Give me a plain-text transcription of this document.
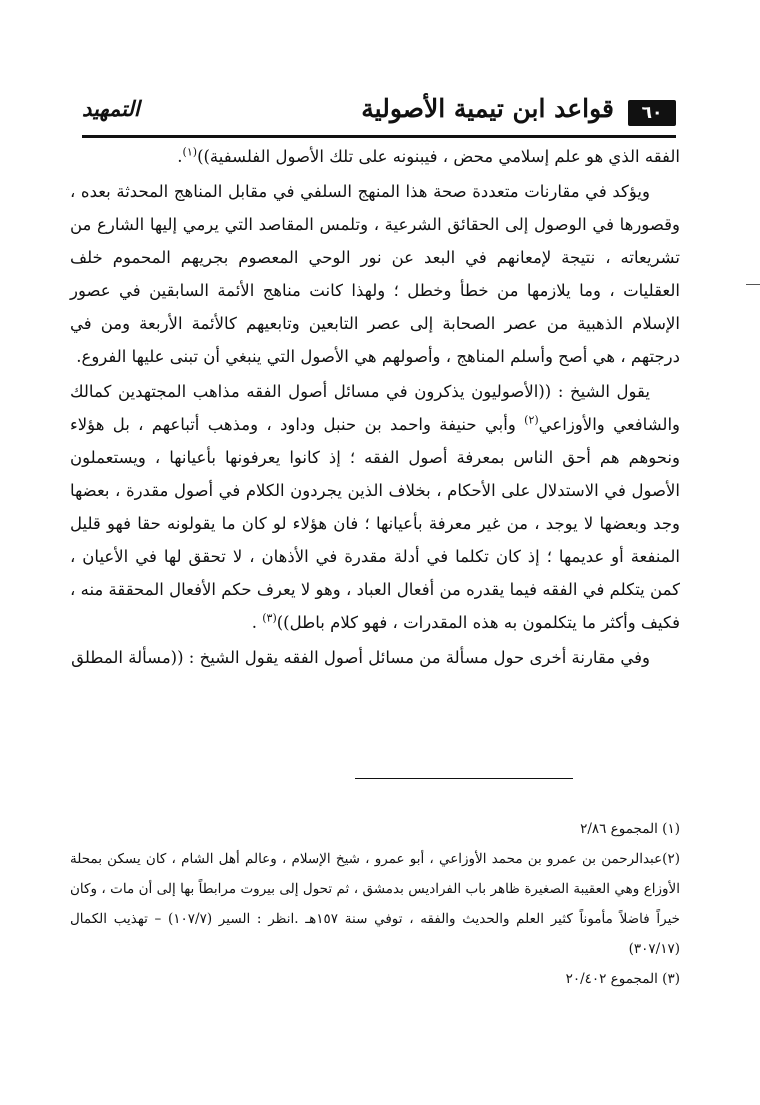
٦٠
قواعد ابن تيمية الأصولية
التمهيد

الفقه الذي هو علم إسلامي محض ، فيبنونه على تلك الأصول الفلسفية))$^{(١)}$.

ويؤكد في مقارنات متعددة صحة هذا المنهج السلفي في مقابل المناهج المحدثة بعده ، وقصورها في الوصول إلى الحقائق الشرعية ، وتلمس المقاصد التي يرمي إليها الشارع من تشريعاته ، نتيجة لإمعانهم في البعد عن نور الوحي المعصوم بجريهم المحموم خلف العقليات ، وما يلازمها من خطأ وخطل ؛ ولهذا كانت مناهج الأئمة السابقين في عصور الإسلام الذهبية من عصر الصحابة إلى عصر التابعين وتابعيهم كالأئمة الأربعة ومن في درجتهم ، هي أصح وأسلم المناهج ، وأصولهم هي الأصول التي ينبغي أن تبنى عليها الفروع.

يقول الشيخ : ((الأصوليون يذكرون في مسائل أصول الفقه مذاهب المجتهدين كمالك والشافعي والأوزاعي$^{(٢)}$ وأبي حنيفة واحمد بن حنبل وداود ، ومذهب أتباعهم ، بل هؤلاء ونحوهم هم أحق الناس بمعرفة أصول الفقه ؛ إذ كانوا يعرفونها بأعيانها ، ويستعملون الأصول في الاستدلال على الأحكام ، بخلاف الذين يجردون الكلام في أصول مقدرة ، بعضها وجد وبعضها لا يوجد ، من غير معرفة بأعيانها ؛ فان هؤلاء لو كان ما يقولونه حقا فهو قليل المنفعة أو عديمها ؛ إذ كان تكلما في أدلة مقدرة في الأذهان ، لا تحقق لها في الأعيان ، كمن يتكلم في الفقه فيما يقدره من أفعال العباد ، وهو لا يعرف حكم الأفعال المحققة منه ، فكيف وأكثر ما يتكلمون به هذه المقدرات ، فهو كلام باطل))$^{(٣)}$ .

وفي مقارنة أخرى حول مسألة من مسائل أصول الفقه يقول الشيخ : ((مسألة المطلق

(١) المجموع ٢/٨٦

(٢)عبدالرحمن بن عمرو بن محمد الأوزاعي ، أبو عمرو ، شيخ الإسلام ، وعالم أهل الشام ، كان يسكن بمحلة الأوزاع وهي العقيبة الصغيرة ظاهر باب الفراديس بدمشق ، ثم تحول إلى بيروت مرابطاً بها إلى أن مات ، وكان خيراً فاضلاً مأموناً كثير العلم والحديث والفقه ، توفي سنة ١٥٧هـ .انظر : السير (١٠٧/٧) – تهذيب الكمال (٣٠٧/١٧)

(٣) المجموع ٢٠/٤٠٢
